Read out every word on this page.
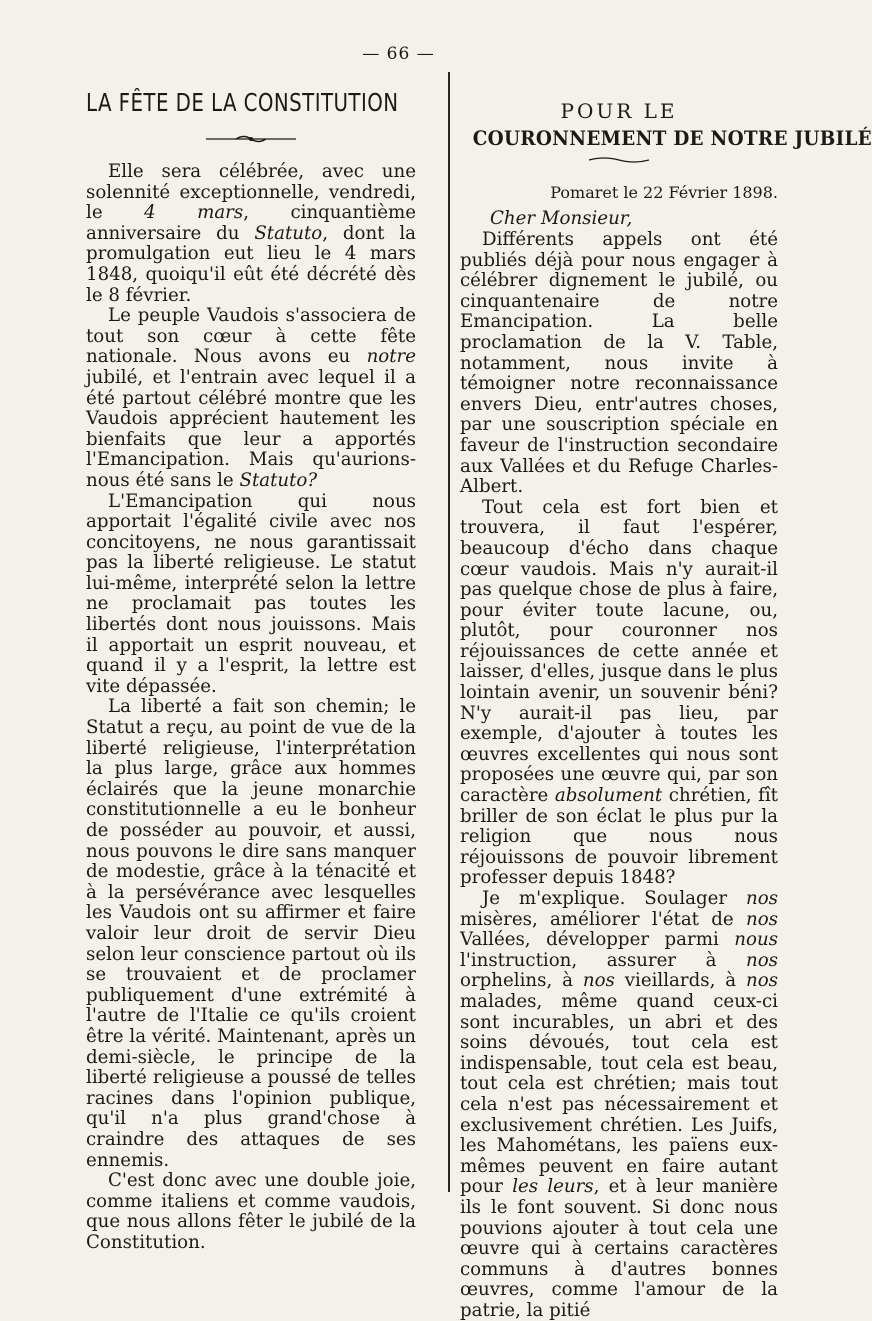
— 66 —
LA FÊTE DE LA CONSTITUTION

Elle sera célébrée, avec une solennité exceptionnelle, vendredi, le 4 mars, cinquantième anniversaire du Statuto, dont la promulgation eut lieu le 4 mars 1848, quoiqu'il eût été décrété dès le 8 février.

Le peuple Vaudois s'associera de tout son cœur à cette fête nationale. Nous avons eu notre jubilé, et l'entrain avec lequel il a été partout célébré montre que les Vaudois apprécient hautement les bienfaits que leur a apportés l'Emancipation. Mais qu'aurions-nous été sans le Statuto?

L'Emancipation qui nous apportait l'égalité civile avec nos concitoyens, ne nous garantissait pas la liberté religieuse. Le statut lui-même, interprété selon la lettre ne proclamait pas toutes les libertés dont nous jouissons. Mais il apportait un esprit nouveau, et quand il y a l'esprit, la lettre est vite dépassée.

La liberté a fait son chemin; le Statut a reçu, au point de vue de la liberté religieuse, l'interprétation la plus large, grâce aux hommes éclairés que la jeune monarchie constitutionnelle a eu le bonheur de posséder au pouvoir, et aussi, nous pouvons le dire sans manquer de modestie, grâce à la ténacité et à la persévérance avec lesquelles les Vaudois ont su affirmer et faire valoir leur droit de servir Dieu selon leur conscience partout où ils se trouvaient et de proclamer publiquement d'une extrémité à l'autre de l'Italie ce qu'ils croient être la vérité. Maintenant, après un demi-siècle, le principe de la liberté religieuse a poussé de telles racines dans l'opinion publique, qu'il n'a plus grand'chose à craindre des attaques de ses ennemis.

C'est donc avec une double joie, comme italiens et comme vaudois, que nous allons fêter le jubilé de la Constitution.

POUR LE
COURONNEMENT DE NOTRE JUBILÉ
Pomaret le 22 Février 1898.
Cher Monsieur,

Différents appels ont été publiés déjà pour nous engager à célébrer dignement le jubilé, ou cinquantenaire de notre Emancipation. La belle proclamation de la V. Table, notamment, nous invite à témoigner notre reconnaissance envers Dieu, entr'autres choses, par une souscription spéciale en faveur de l'instruction secondaire aux Vallées et du Refuge Charles-Albert.

Tout cela est fort bien et trouvera, il faut l'espérer, beaucoup d'écho dans chaque cœur vaudois. Mais n'y aurait-il pas quelque chose de plus à faire, pour éviter toute lacune, ou, plutôt, pour couronner nos réjouissances de cette année et laisser, d'elles, jusque dans le plus lointain avenir, un souvenir béni? N'y aurait-il pas lieu, par exemple, d'ajouter à toutes les œuvres excellentes qui nous sont proposées une œuvre qui, par son caractère absolument chrétien, fît briller de son éclat le plus pur la religion que nous nous réjouissons de pouvoir librement professer depuis 1848?

Je m'explique. Soulager nos misères, améliorer l'état de nos Vallées, développer parmi nous l'instruction, assurer à nos orphelins, à nos vieillards, à nos malades, même quand ceux-ci sont incurables, un abri et des soins dévoués, tout cela est indispensable, tout cela est beau, tout cela est chrétien; mais tout cela n'est pas nécessairement et exclusivement chrétien. Les Juifs, les Mahométans, les païens eux-mêmes peuvent en faire autant pour les leurs, et à leur manière ils le font souvent. Si donc nous pouvions ajouter à tout cela une œuvre qui à certains caractères communs à d'autres bonnes œuvres, comme l'amour de la patrie, la pitié
